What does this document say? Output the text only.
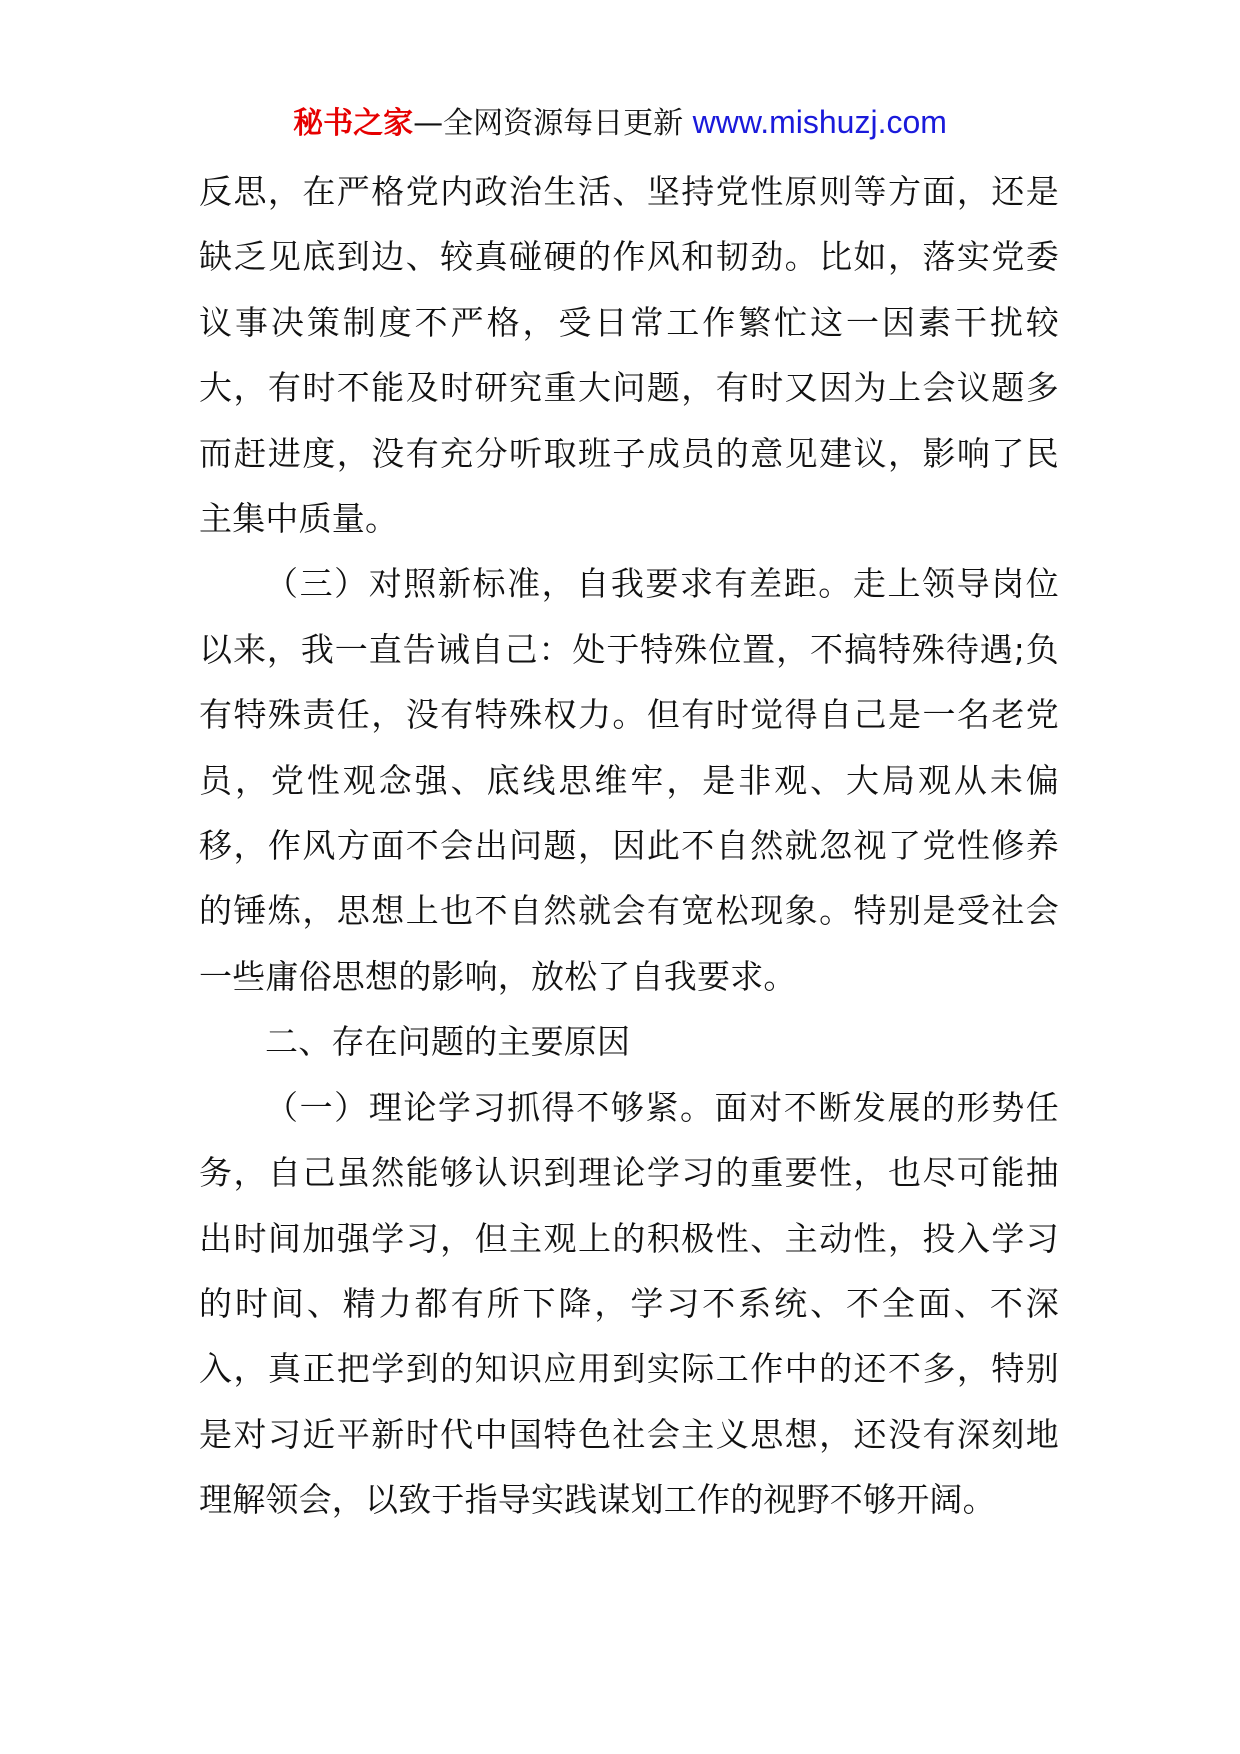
秘书之家—全网资源每日更新 www.mishuzj.com

反思，在严格党内政治生活、坚持党性原则等方面，还是缺乏见底到边、较真碰硬的作风和韧劲。比如，落实党委议事决策制度不严格，受日常工作繁忙这一因素干扰较大，有时不能及时研究重大问题，有时又因为上会议题多而赶进度，没有充分听取班子成员的意见建议，影响了民主集中质量。

（三）对照新标准，自我要求有差距。走上领导岗位以来，我一直告诫自己：处于特殊位置，不搞特殊待遇;负有特殊责任，没有特殊权力。但有时觉得自己是一名老党员，党性观念强、底线思维牢，是非观、大局观从未偏移，作风方面不会出问题，因此不自然就忽视了党性修养的锤炼，思想上也不自然就会有宽松现象。特别是受社会一些庸俗思想的影响，放松了自我要求。

二、存在问题的主要原因

（一）理论学习抓得不够紧。面对不断发展的形势任务，自己虽然能够认识到理论学习的重要性，也尽可能抽出时间加强学习，但主观上的积极性、主动性，投入学习的时间、精力都有所下降，学习不系统、不全面、不深入，真正把学到的知识应用到实际工作中的还不多，特别是对习近平新时代中国特色社会主义思想，还没有深刻地理解领会，以致于指导实践谋划工作的视野不够开阔。
